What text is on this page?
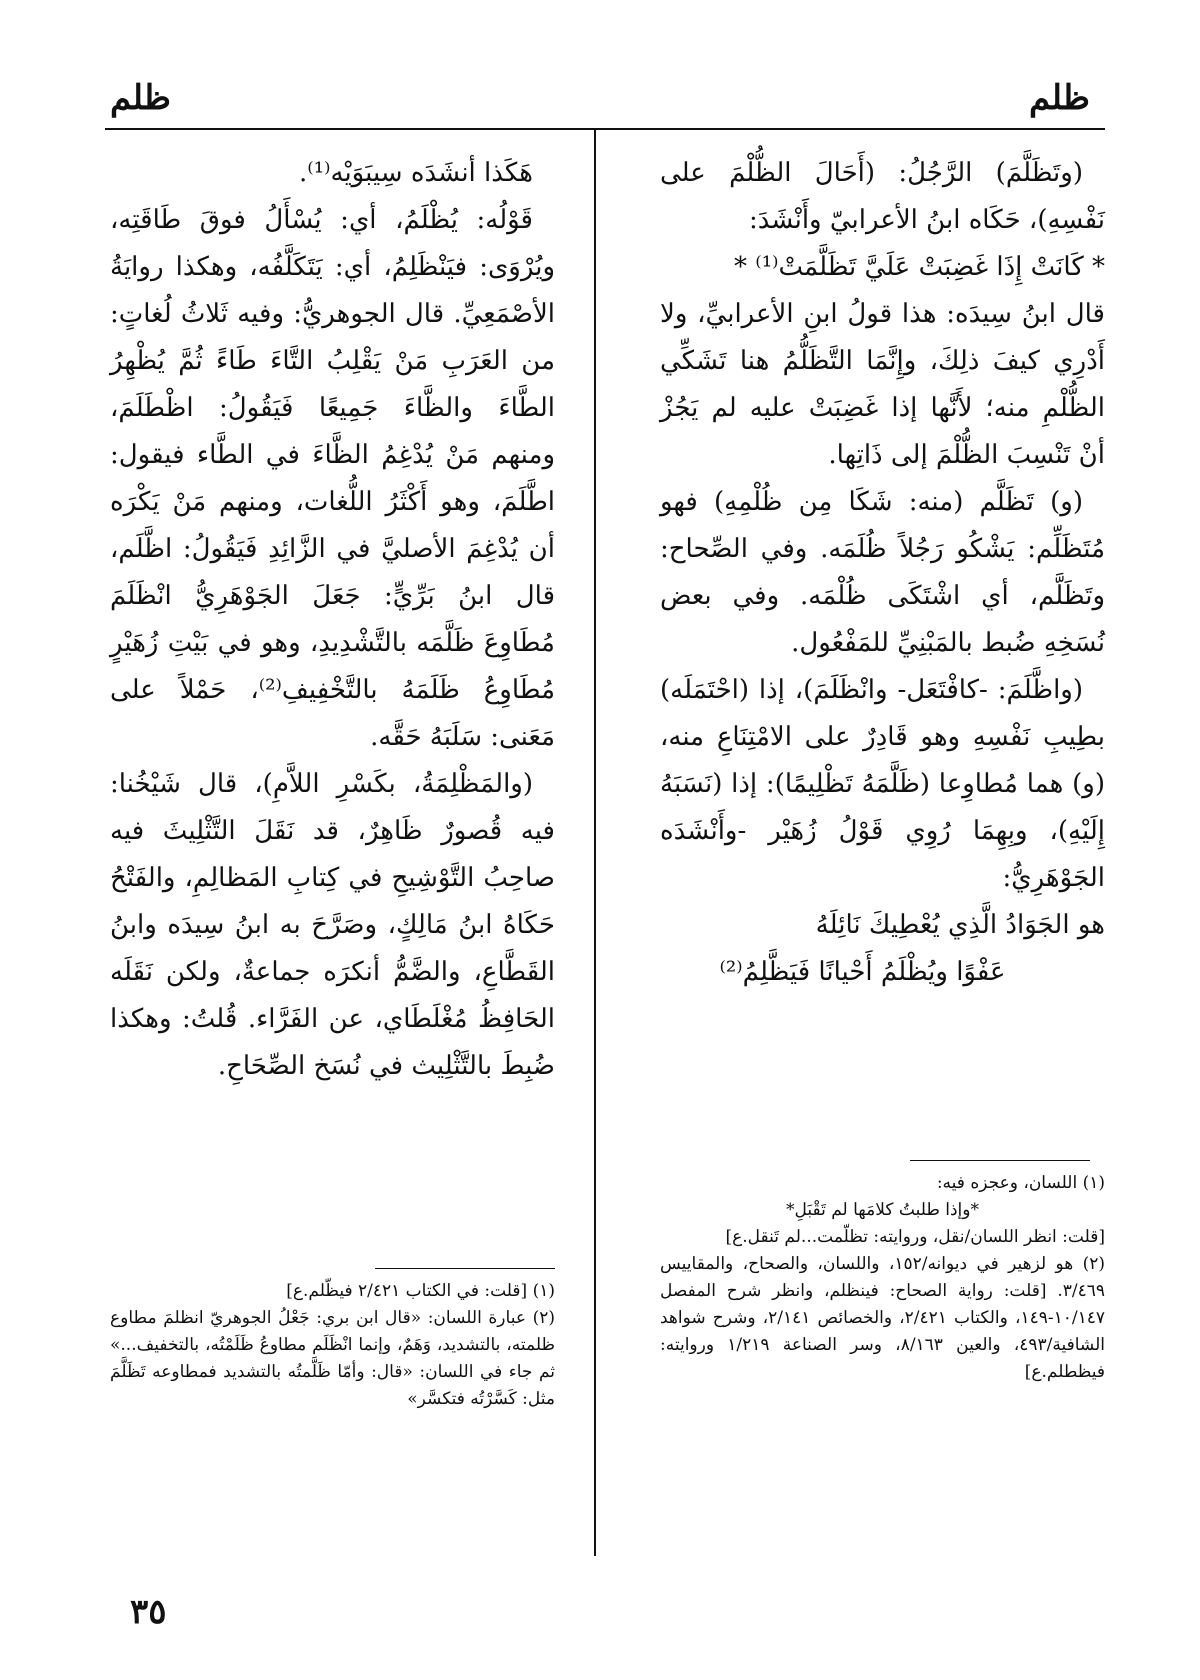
ظلم
ظلم

(وتَظَلَّمَ) الرَّجُلُ: (أَحَالَ الظُّلْمَ على نَفْسِهِ)، حَكَاه ابنُ الأعرابيّ وأَنْشَدَ:

* كَانَتْ إِذَا غَضِبَتْ عَلَيَّ تَظَلَّمَتْ⁽¹⁾ *

قال ابنُ سِيدَه: هذا قولُ ابنِ الأعرابيِّ، ولا أَدْرِي كيفَ ذلِكَ، وإِنَّمَا التَّظَلُّمُ هنا تَشَكِّي الظُّلْمِ منه؛ لأَنَّها إذا غَضِبَتْ عليه لم يَجُزْ أنْ تَنْسِبَ الظُّلْمَ إلى ذَاتِها.

(و) تَظَلَّم (منه: شَكَا مِن ظُلْمِهِ) فهو مُتَظَلِّم: يَشْكُو رَجُلاً ظُلَمَه. وفي الصِّحاح: وتَظَلَّم، أي اشْتَكَى ظُلْمَه. وفي بعض نُسَخِهِ ضُبط بالمَبْنِيِّ للمَفْعُول.

(واظَّلَمَ: -كافْتَعَل- وانْظَلَمَ)، إذا (احْتَمَلَه) بطِيبِ نَفْسِهِ وهو قَادِرٌ على الامْتِنَاعِ منه، (و) هما مُطاوِعا (ظَلَّمَهُ تَظْلِيمًا): إذا (نَسَبَهُ إِلَيْهِ)، وبِهِمَا رُوِي قَوْلُ زُهَيْر -وأَنْشَدَه الجَوْهَرِيُّ:

هو الجَوَادُ الَّذِي يُعْطِيكَ نَائِلَهُ
عَفْوًا ويُظْلَمُ أَحْيانًا فَيَظَّلِمُ⁽²⁾

(١) اللسان، وعجزه فيه:

*وإذا طلبتُ كلامَها لم تَقْبَلِ*

[قلت: انظر اللسان/نقل، وروايته: تظلّمت...لم تَنقل.ع]

(٢) هو لزهير في ديوانه/١٥٢، واللسان، والصحاح، والمقاييس ٣/٤٦٩. [قلت: رواية الصحاح: فينظلم، وانظر شرح المفصل ١٠/١٤٧-١٤٩، والكتاب ٢/٤٢١، والخصائص ٢/١٤١، وشرح شواهد الشافية/٤٩٣، والعين ٨/١٦٣، وسر الصناعة ١/٢١٩ وروايته: فيظطلم.ع]

هَكَذا أنشَدَه سِيبَوَيْه⁽¹⁾.

قَوْلُه: يُظْلَمُ، أي: يُسْأَلُ فوقَ طَاقَتِه، ويُرْوَى: فيَنْظَلِمُ، أي: يَتَكَلَّفُه، وهكذا روايَةُ الأصْمَعِيِّ. قال الجوهريُّ: وفيه ثَلاثُ لُغاتٍ: من العَرَبِ مَنْ يَقْلِبُ التَّاءَ طَاءً ثُمَّ يُظْهِرُ الطَّاءَ والظَّاءَ جَمِيعًا فَيَقُولُ: اظْطَلَمَ، ومنهم مَنْ يُدْغِمُ الظَّاءَ في الطَّاء فيقول: اطَّلَمَ، وهو أَكْثَرُ اللُّغات، ومنهم مَنْ يَكْرَه أن يُدْغِمَ الأصليَّ في الزَّائِدِ فَيَقُولُ: اظَّلَم، قال ابنُ بَرِّيٍّ: جَعَلَ الجَوْهَرِيُّ انْظَلَمَ مُطَاوِعَ ظَلَّمَه بالتَّشْدِيدِ، وهو في بَيْتِ زُهَيْرٍ مُطَاوِعُ ظَلَمَهُ بالتَّخْفِيفِ⁽²⁾، حَمْلاً على مَعَنى: سَلَبَهُ حَقَّه.

(والمَظْلِمَةُ، بكَسْرِ اللاَّمِ)، قال شَيْخُنا: فيه قُصورٌ ظَاهِرٌ، قد نَقَلَ التَّثْلِيثَ فيه صاحِبُ التَّوْشِيحِ في كِتابِ المَظالِمِ، والفَتْحُ حَكَاهُ ابنُ مَالِكٍ، وصَرَّحَ به ابنُ سِيدَه وابنُ القَطَّاعِ، والضَّمُّ أنكرَه جماعةٌ، ولكن نَقَلَه الحَافِظُ مُغْلَطَاي، عن الفَرَّاء. قُلتُ: وهكذا ضُبِطَ بالتَّثْلِيث في نُسَخ الصِّحَاحِ.

(١) [قلت: في الكتاب ٢/٤٢١ فيظّلم.ع]

(٢) عبارة اللسان: «قال ابن بري: جَعْلُ الجوهريّ انظلمَ مطاوع ظلمته، بالتشديد، وَهَمٌ، وإنما انْظَلَم مطاوعُ ظَلَمْتُه، بالتخفيف...» ثم جاء في اللسان: «قال: وأمّا ظَلَّمتُه بالتشديد فمطاوعه تَظَلَّمَ مثل: كَسَّرْتُه فتكسَّر»

٣٥
